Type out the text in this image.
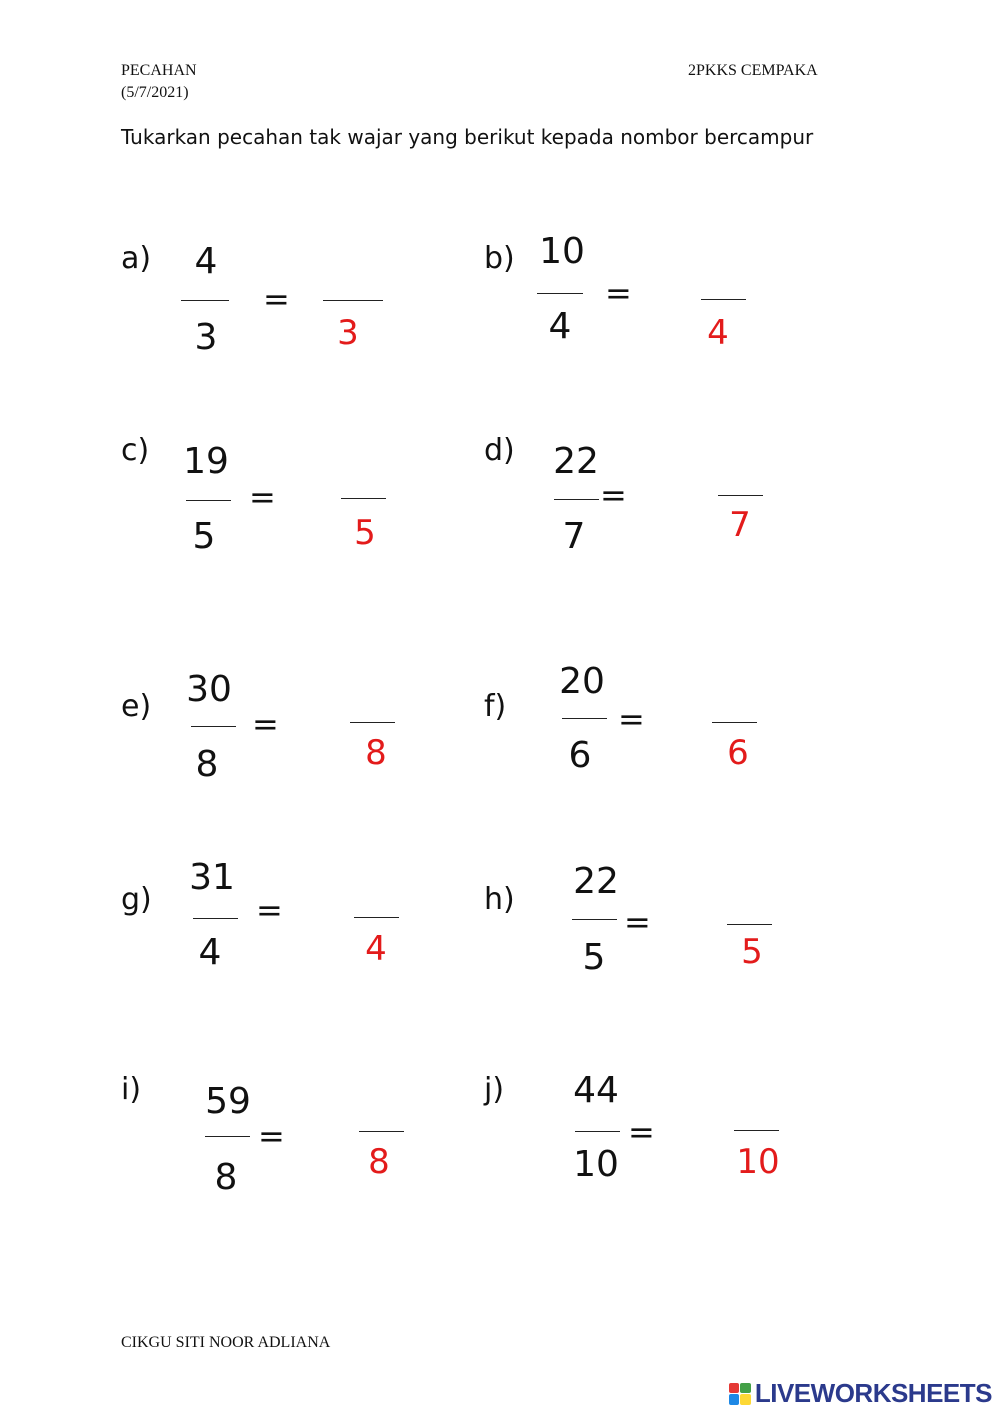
PECAHAN
(5/7/2021)
2PKKS CEMPAKA
Tukarkan pecahan tak wajar yang berikut kepada nombor bercampur
a)	4
3
=
3
b) 10
4
=
4
c) 19
5
=
5
d) 22
7
=
7
e) 30
8
=
8
f)
20
6
=
6
g)
31
4
=
4
h) 22
5
=
5
i) 59
8
=
8
j) 44
10
=
10
CIKGU SITI NOOR ADLIANA
LIVEWORKSHEETS
